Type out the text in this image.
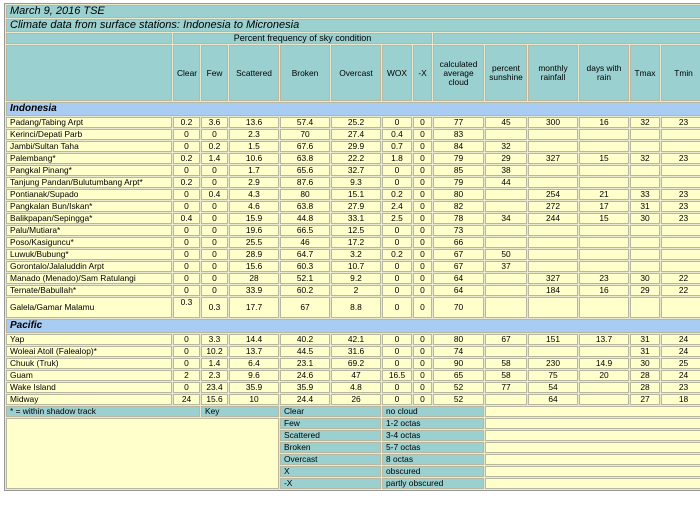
March 9, 2016 TSE													
Climate data from surface stations: Indonesia to Micronesia													
	Percent frequency of sky condition												
	Clear	Few	Scattered	Broken	Overcast	WOX	-X	calculated average cloud	percent sunshine	monthly rainfall	days with rain	Tmax	Tmin
Indonesia													
Padang/Tabing Arpt	0.2	3.6	13.6	57.4	25.2	0	0	77	45	300	16	32	23
Kerinci/Depati Parb	0	0	2.3	70	27.4	0.4	0	83					
Jambi/Sultan Taha	0	0.2	1.5	67.6	29.9	0.7	0	84	32				
Palembang*	0.2	1.4	10.6	63.8	22.2	1.8	0	79	29	327	15	32	23
Pangkal Pinang*	0	0	1.7	65.6	32.7	0	0	85	38				
Tanjung Pandan/Bulutumbang Arpt*	0.2	0	2.9	87.6	9.3	0	0	79	44				
Pontianak/Supado	0	0.4	4.3	80	15.1	0.2	0	80		254	21	33	23
Pangkalan Bun/Iskan*	0	0	4.6	63.8	27.9	2.4	0	82		272	17	31	23
Balikpapan/Sepingga*	0.4	0	15.9	44.8	33.1	2.5	0	78	34	244	15	30	23
Palu/Mutiara*	0	0	19.6	66.5	12.5	0	0	73					
Poso/Kasiguncu*	0	0	25.5	46	17.2	0	0	66					
Luwuk/Bubung*	0	0	28.9	64.7	3.2	0.2	0	67	50				
Gorontalo/Jalaluddin Arpt	0	0	15.6	60.3	10.7	0	0	67	37				
Manado (Menado)/Sam Ratulangi	0	0	28	52.1	9.2	0	0	64		327	23	30	22
Ternate/Babullah*	0	0	33.9	60.2	2	0	0	64		184	16	29	22
Galela/Gamar Malamu	0.3	0.3	17.7	67	8.8	0	0	70					
Pacific													
Yap	0	3.3	14.4	40.2	42.1	0	0	80	67	151	13.7	31	24
Woleai Atoll (Falealop)*	0	10.2	13.7	44.5	31.6	0	0	74				31	24
Chuuk (Truk)	0	1.4	6.4	23.1	69.2	0	0	90	58	230	14.9	30	25
Guam	2	2.3	9.6	24.6	47	16.5	0	65	58	75	20	28	24
Wake Island	0	23.4	35.9	35.9	4.8	0	0	52	77	54		28	23
Midway	24	15.6	10	24.4	26	0	0	52		64		27	18
* = within shadow track		Key		Clear		no cloud							
				Few		1-2 octas							
				Scattered		3-4 octas							
				Broken		5-7 octas							
				Overcast		8 octas							
				X		obscured							
				-X		partly obscured							
